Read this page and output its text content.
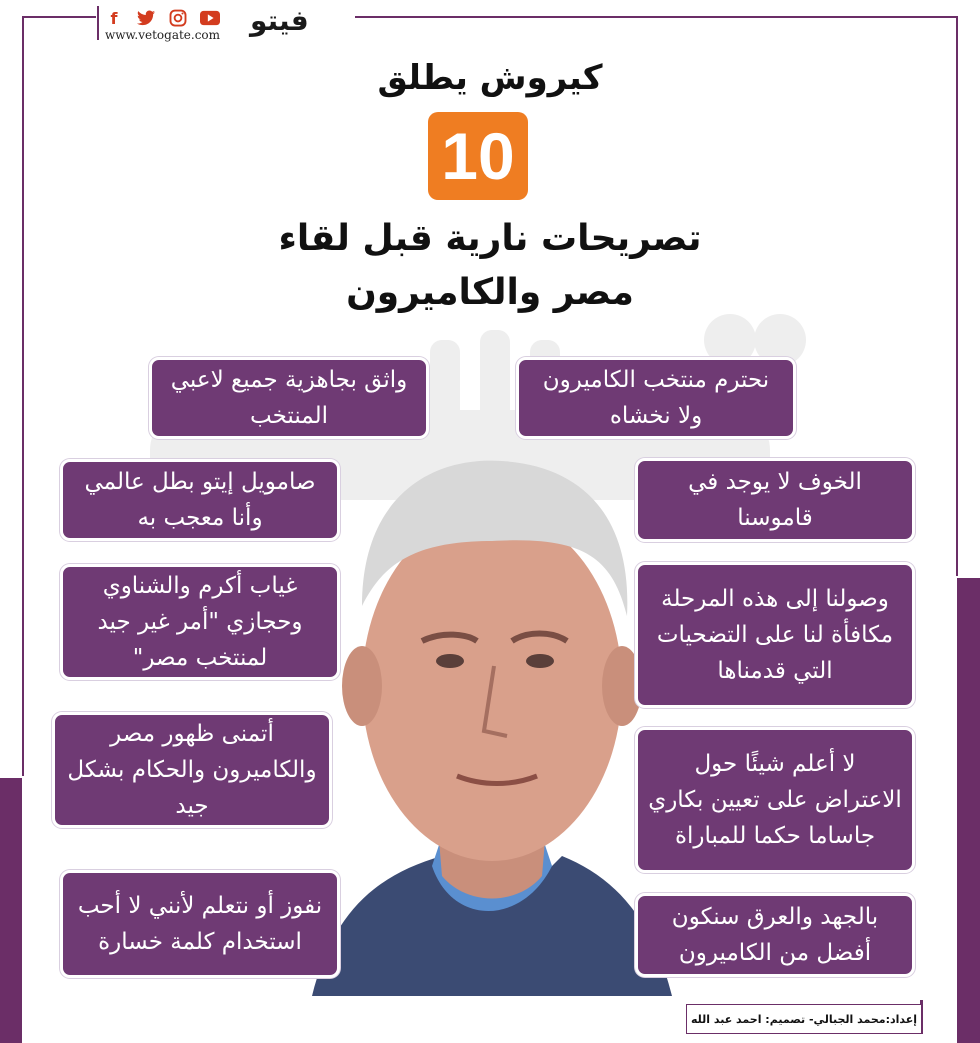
f
www.vetogate.com فيتو
كيروش يطلق
10
تصريحات نارية قبل لقاء
مصر والكاميرون
نحترم منتخب الكاميرون ولا نخشاه
الخوف لا يوجد في قاموسنا
وصولنا إلى هذه المرحلة مكافأة لنا على التضحيات التي قدمناها
لا أعلم شيئًا حول الاعتراض على تعيين بكاري جاساما حكما للمباراة
بالجهد والعرق سنكون أفضل من الكاميرون
واثق بجاهزية جميع لاعبي المنتخب
صامويل إيتو بطل عالمي وأنا معجب به
غياب أكرم والشناوي وحجازي "أمر غير جيد لمنتخب مصر"
أتمنى ظهور مصر والكاميرون والحكام بشكل جيد
نفوز أو نتعلم لأنني لا أحب استخدام كلمة خسارة
إعداد:محمد الجبالي- تصميم: احمد عبد الله
